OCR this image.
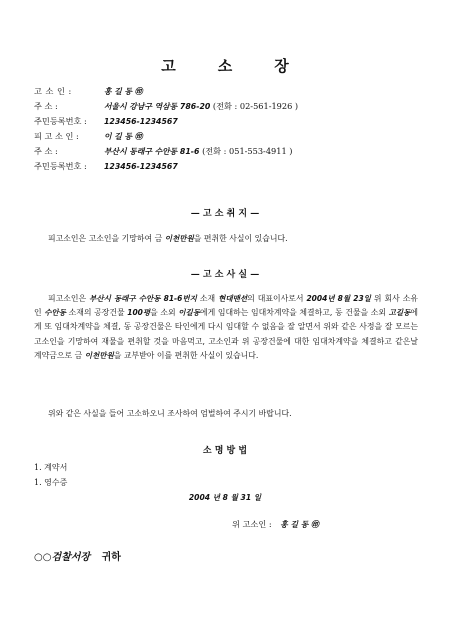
고	소	장
고 소 인 :	홍 길 동 ㊞
주 소 :	서울시 강남구 역삼동 786-20 (전화 : 02-561-1926 )
주민등록번호 : 123456-1234567
피 고 소 인 :	이 길 동 ㊞
주 소 :	부산시 동래구 수안동 81-6 (전화 : 051-553-4911 )
주민등록번호 : 123456-1234567
— 고 소 취 지 —
피고소인은 고소인을 기망하여 금 이천만원을 편취한 사실이 있습니다.
— 고 소 사 실 —
피고소인은 부산시 동래구 수안동 81-6번지 소재 현대맨션의 대표이사로서 2004년 8월 23일 위 회사 소유인 수안동 소재의 공장건물 100평을 소외 이길동에게 임대하는 임대차계약을 체결하고, 동 건물을 소외 고길동에게 또 임대차계약을 체결, 동 공장건물은 타인에게 다시 임대할 수 없음을 잘 알면서 위와 같은 사정을 잘 모르는 고소인을 기망하여 재물을 편취할 것을 마음먹고, 고소인과 위 공장건물에 대한 임대차계약을 체결하고 같은날 계약금으로 금 이천만원을 교부받아 이를 편취한 사실이 있습니다.
위와 같은 사실을 들어 고소하오니 조사하여 엄벌하여 주시기 바랍니다.
소 명 방 법
1. 계약서
1. 영수증
2004 년 8 월 31 일
위 고소인 : 홍 길 동 ㊞
○○검찰서장 귀하
